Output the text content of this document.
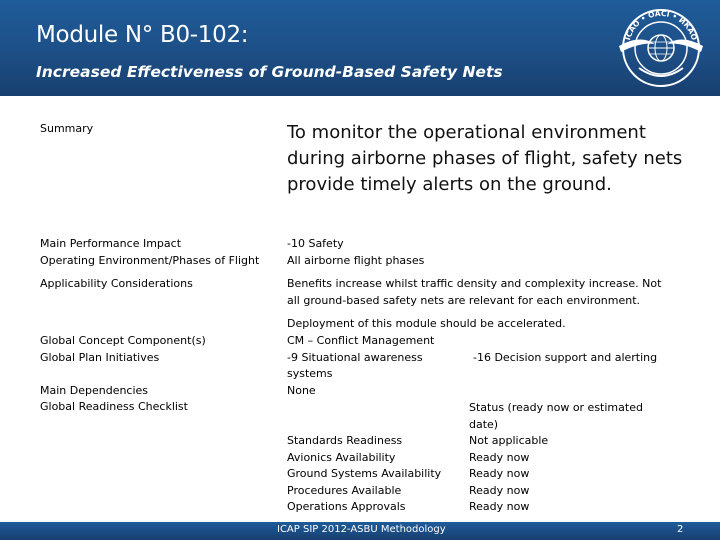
Module N° B0-102:
Increased Effectiveness of Ground-Based Safety Nets
ICAO • OACI • ИКАО
Summary	To monitor the operational environment during airborne phases of flight, safety nets provide timely alerts on the ground.
Main Performance Impact	-10 Safety
Operating Environment/Phases of Flight	All airborne flight phases
Applicability Considerations	Benefits increase whilst traffic density and complexity increase. Not
all ground-based safety nets are relevant for each environment.
Deployment of this module should be accelerated.
Global Concept Component(s)	CM – Conflict Management
Global Plan Initiatives	-9 Situational awareness	-16 Decision support and alerting
systems
Main Dependencies	None
Global Readiness Checklist	Status (ready now or estimated
date)
Standards Readiness	Not applicable
Avionics Availability	Ready now
Ground Systems Availability	Ready now
Procedures Available	Ready now
Operations Approvals	Ready now
ICAP SIP 2012-ASBU Methodology	2
